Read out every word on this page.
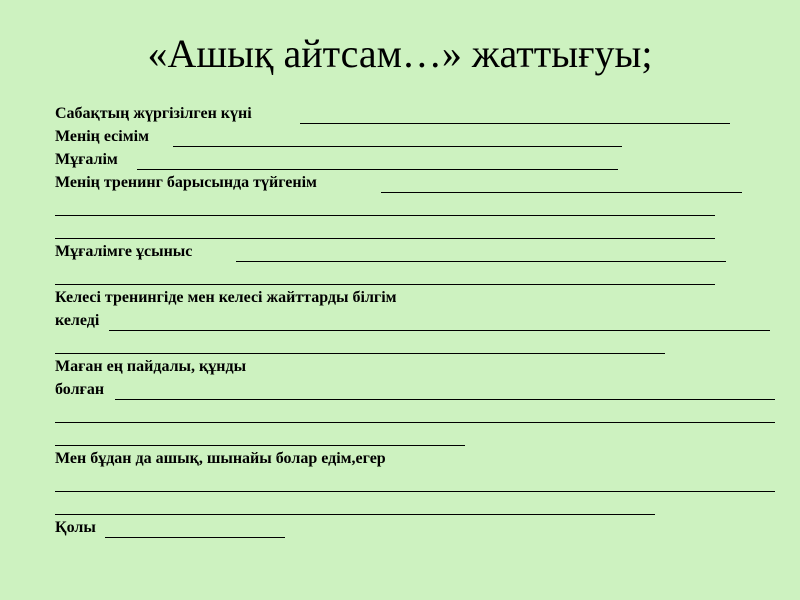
«Ашық айтсам…» жаттығуы;
Сабақтың жүргізілген күні
Менің есімім
Мұғалім
Менің тренинг барысында түйгенім
Мұғалімге ұсыныс
Келесі тренингіде мен келесі жайттарды білгім
келеді
Маған ең пайдалы, құнды
болған
Мен бұдан да ашық, шынайы болар едім,егер
Қолы
